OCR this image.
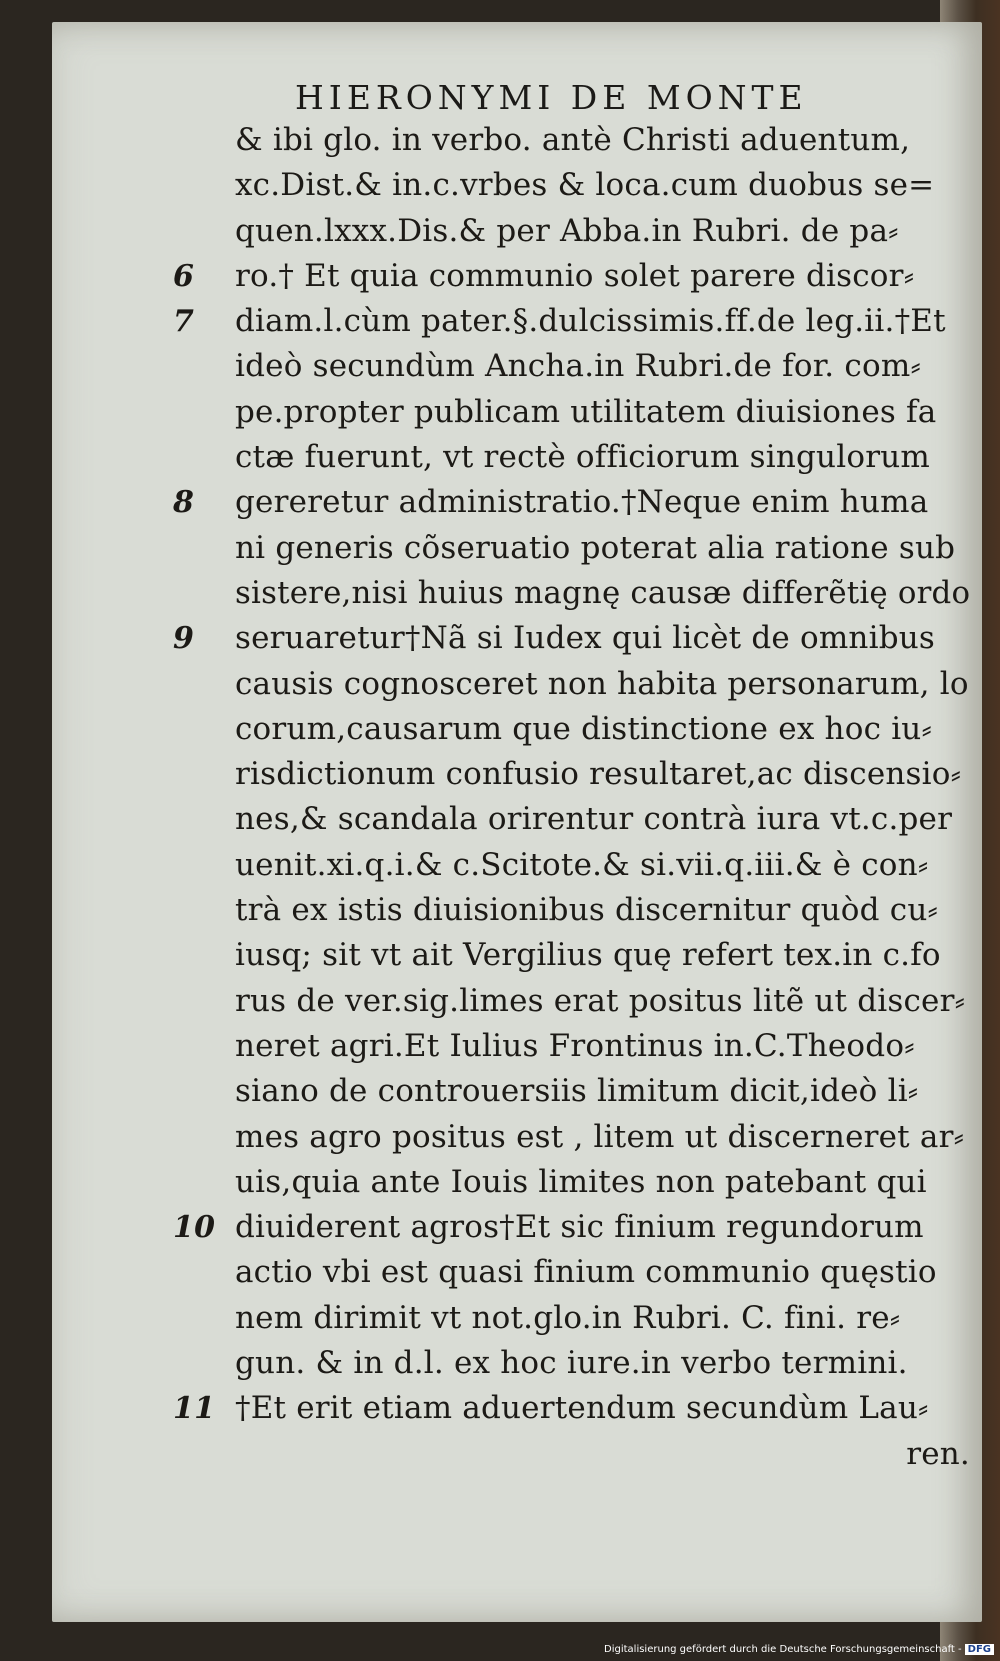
HIERONYMI DE MONTE
& ibi glo. in verbo. antè Christi aduentum,
xc.Dist.& in.c.vrbes & loca.cum duobus se=
quen.lxxx.Dis.& per Abba.in Rubri. de pa⸗
6 ro.† Et quia communio solet parere discor⸗
7 diam.l.cùm pater.§.dulcissimis.ff.de leg.ii.†Et
ideò secundùm Ancha.in Rubri.de for. com⸗
pe.propter publicam utilitatem diuisiones fa
ctæ fuerunt, vt rectè officiorum singulorum
8 gereretur administratio.†Neque enim huma
ni generis cõseruatio poterat alia ratione sub
sistere,nisi huius magnę causæ differẽtię ordo
9 seruaretur†Nã si Iudex qui licèt de omnibus
causis cognosceret non habita personarum, lo
corum,causarum que distinctione ex hoc iu⸗
risdictionum confusio resultaret,ac discensio⸗
nes,& scandala orirentur contrà iura vt.c.per
uenit.xi.q.i.& c.Scitote.& si.vii.q.iii.& è con⸗
trà ex istis diuisionibus discernitur quòd cu⸗
iusq; sit vt ait Vergilius quę refert tex.in c.fo
rus de ver.sig.limes erat positus litẽ ut discer⸗
neret agri.Et Iulius Frontinus in.C.Theodo⸗
siano de controuersiis limitum dicit,ideò li⸗
mes agro positus est , litem ut discerneret ar⸗
uis,quia ante Iouis limites non patebant qui
10 diuiderent agros†Et sic finium regundorum
actio vbi est quasi finium communio quęstio
nem dirimit vt not.glo.in Rubri. C. fini. re⸗
gun. & in d.l. ex hoc iure.in verbo termini.
11 †Et erit etiam aduertendum secundùm Lau⸗
ren.
Digitalisierung gefördert durch die Deutsche Forschungsgemeinschaft - DFG
